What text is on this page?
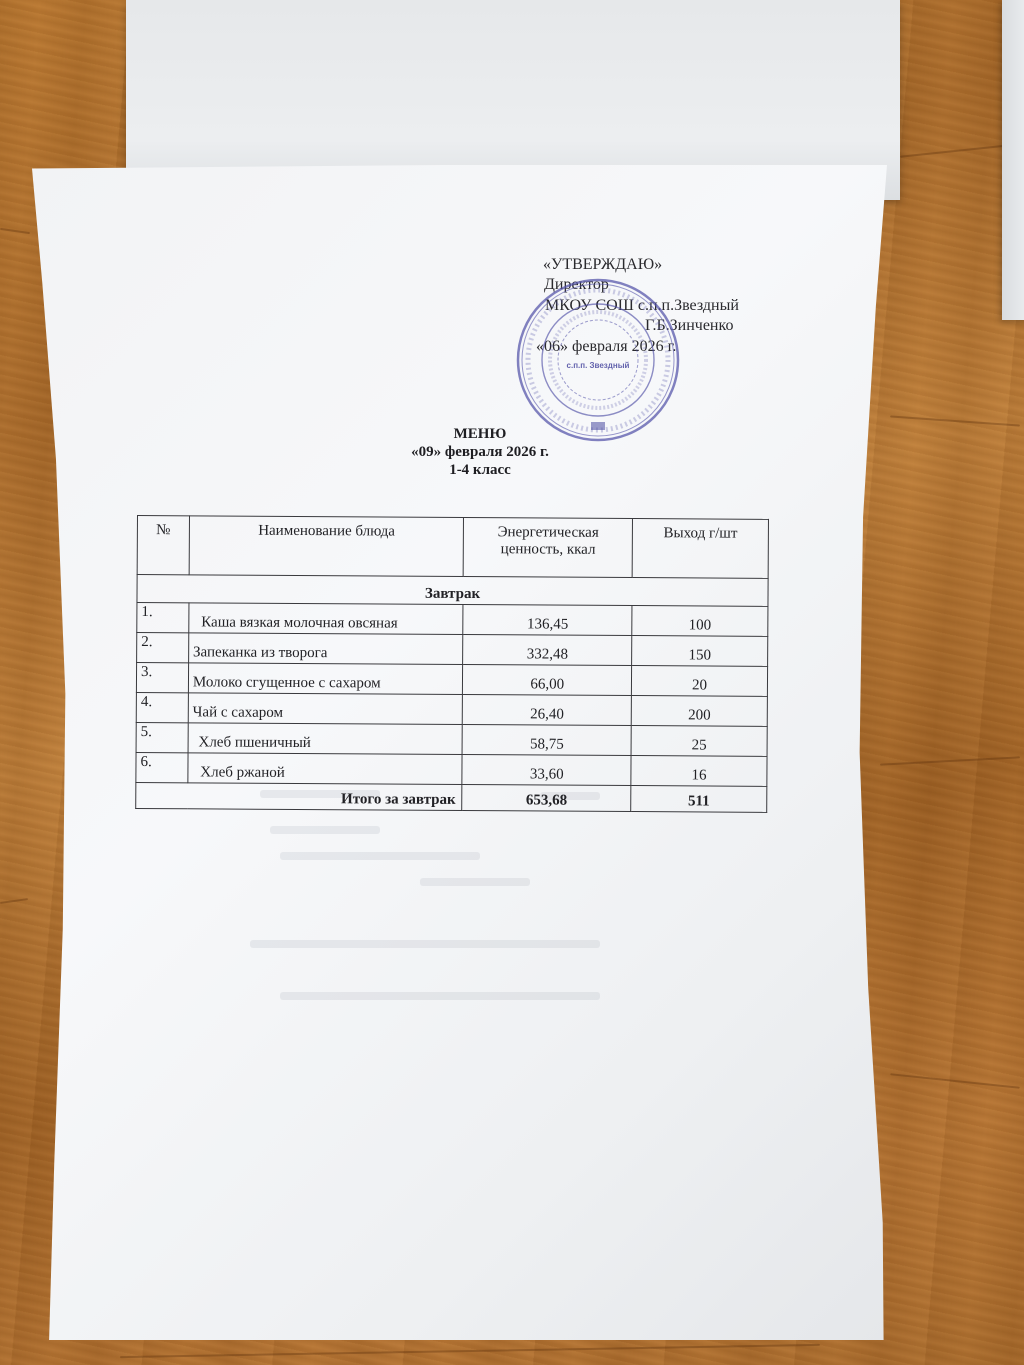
«УТВЕРЖДАЮ»
Директор
МКОУ СОШ с.п.п.Звездный
Г.Б.Зинченко
«06» февраля 2026 г.
с.п.п. Звездный
МЕНЮ
«09» февраля 2026 г.
1-4 класс
№	Наименование блюда	Энергетическая ценность, ккал	Выход г/шт
Завтрак			
1.	Каша вязкая молочная овсяная	136,45	100
2.	Запеканка из творога	332,48	150
3.	Молоко сгущенное с сахаром	66,00	20
4.	Чай с сахаром	26,40	200
5.	Хлеб пшеничный	58,75	25
6.	Хлеб ржаной	33,60	16
Итого за завтрак		653,68	511
